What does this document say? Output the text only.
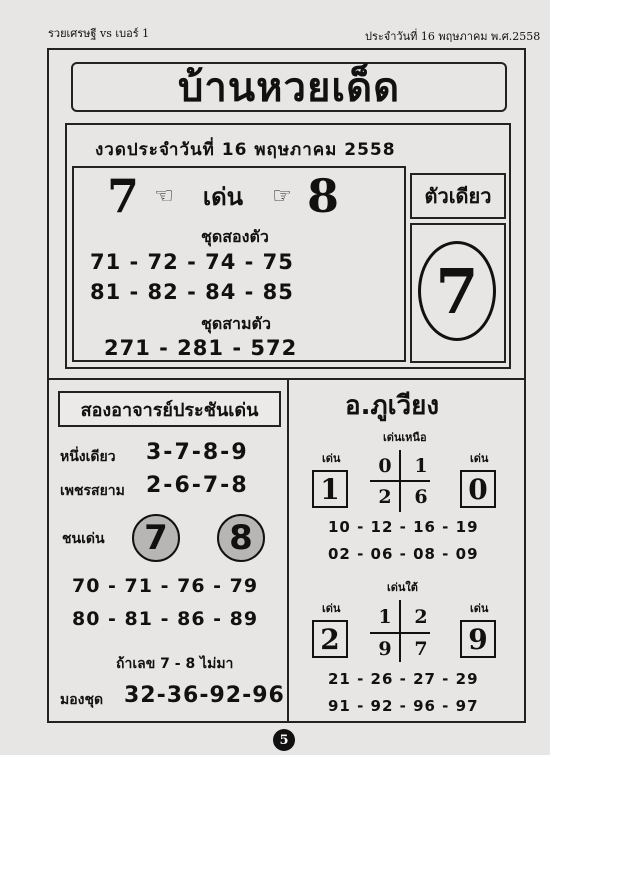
รวยเศรษฐี vs เบอร์ 1	ประจำวันที่ 16 พฤษภาคม พ.ศ.2558
บ้านหวยเด็ด
งวดประจำวันที่ 16 พฤษภาคม 2558
7 ☜	เด่น	☞ 8
ชุดสองตัว
71 - 72 - 74 - 75
81 - 82 - 84 - 85
ชุดสามตัว
271 - 281 - 572
ตัวเดียว
7
สองอาจารย์ประชันเด่น
หนึ่งเดียว 3-7-8-9
เพชรสยาม 2-6-7-8
ชนเด่น	7	8
70 - 71 - 76 - 79
80 - 81 - 86 - 89
ถ้าเลข 7 - 8 ไม่มา
มองชุด 32-36-92-96
อ.ภูเวียง
เด่นเหนือ
เด่น	เด่น
1	0
0 1
2 6
10 - 12 - 16 - 19
02 - 06 - 08 - 09
เด่นใต้
เด่น	เด่น
2	9
1 2
9 7
21 - 26 - 27 - 29
91 - 92 - 96 - 97
5
